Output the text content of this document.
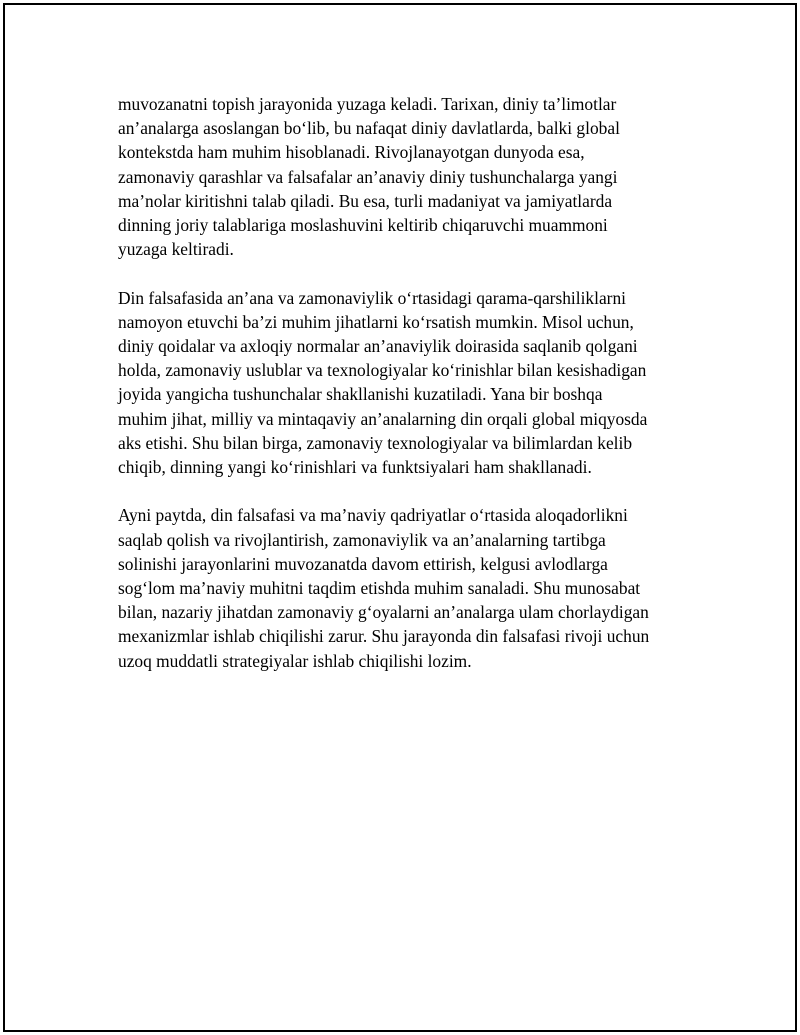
muvozanatni topish jarayonida yuzaga keladi. Tarixan, diniy ta’limotlar
an’analarga asoslangan bo‘lib, bu nafaqat diniy davlatlarda, balki global
kontekstda ham muhim hisoblanadi. Rivojlanayotgan dunyoda esa,
zamonaviy qarashlar va falsafalar an’anaviy diniy tushunchalarga yangi
ma’nolar kiritishni talab qiladi. Bu esa, turli madaniyat va jamiyatlarda
dinning joriy talablariga moslashuvini keltirib chiqaruvchi muammoni
yuzaga keltiradi.

Din falsafasida an’ana va zamonaviylik o‘rtasidagi qarama-qarshiliklarni
namoyon etuvchi ba’zi muhim jihatlarni ko‘rsatish mumkin. Misol uchun,
diniy qoidalar va axloqiy normalar an’anaviylik doirasida saqlanib qolgani
holda, zamonaviy uslublar va texnologiyalar ko‘rinishlar bilan kesishadigan
joyida yangicha tushunchalar shakllanishi kuzatiladi. Yana bir boshqa
muhim jihat, milliy va mintaqaviy an’analarning din orqali global miqyosda
aks etishi. Shu bilan birga, zamonaviy texnologiyalar va bilimlardan kelib
chiqib, dinning yangi ko‘rinishlari va funktsiyalari ham shakllanadi.

Ayni paytda, din falsafasi va ma’naviy qadriyatlar o‘rtasida aloqadorlikni
saqlab qolish va rivojlantirish, zamonaviylik va an’analarning tartibga
solinishi jarayonlarini muvozanatda davom ettirish, kelgusi avlodlarga
sog‘lom ma’naviy muhitni taqdim etishda muhim sanaladi. Shu munosabat
bilan, nazariy jihatdan zamonaviy g‘oyalarni an’analarga ulam chorlaydigan
mexanizmlar ishlab chiqilishi zarur. Shu jarayonda din falsafasi rivoji uchun
uzoq muddatli strategiyalar ishlab chiqilishi lozim.
